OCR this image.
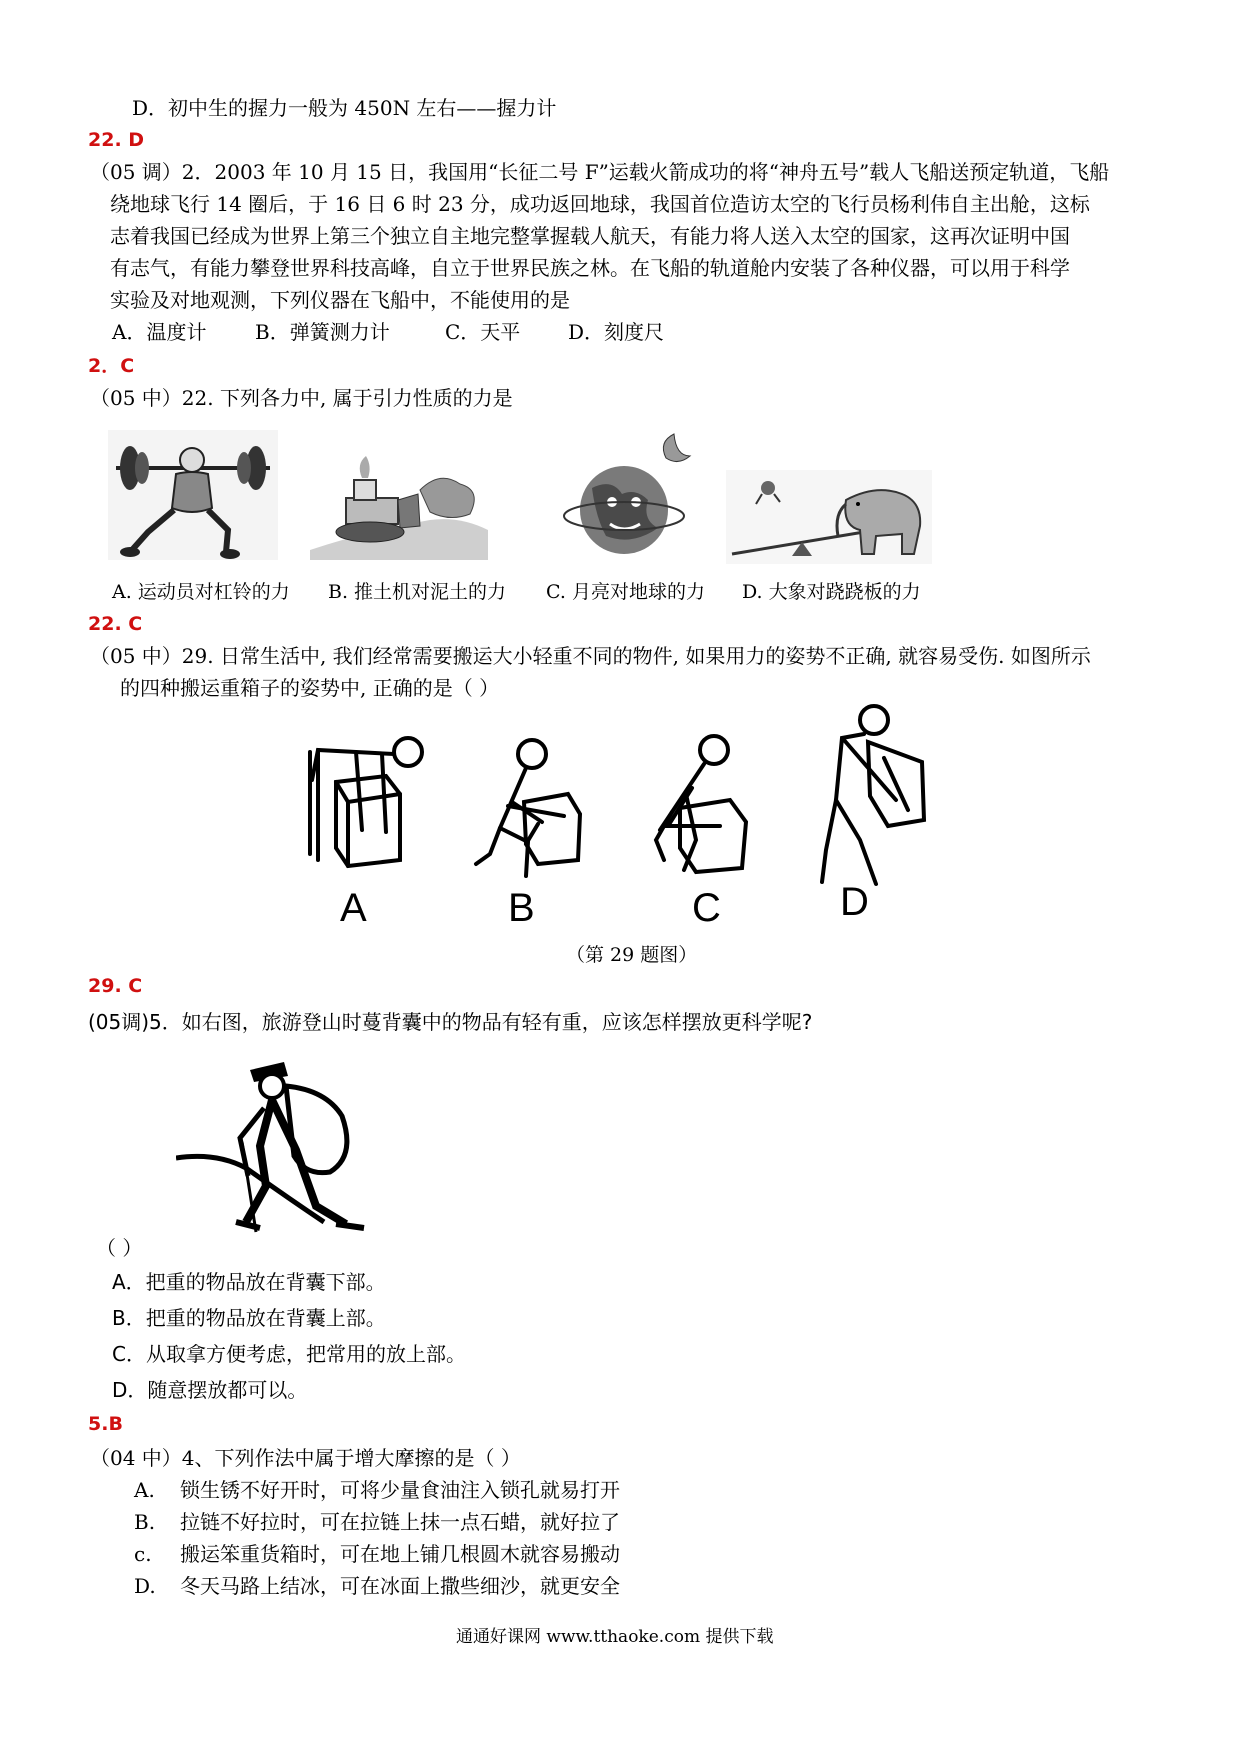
D．初中生的握力一般为 450N 左右——握力计
22. D
（05 调）2．2003 年 10 月 15 日，我国用“长征二号 F”运载火箭成功的将“神舟五号”载人飞船送预定轨道，飞船
绕地球飞行 14 圈后，于 16 日 6 时 23 分，成功返回地球，我国首位造访太空的飞行员杨利伟自主出舱，这标
志着我国已经成为世界上第三个独立自主地完整掌握载人航天，有能力将人送入太空的国家，这再次证明中国
有志气，有能力攀登世界科技高峰，自立于世界民族之林。在飞船的轨道舱内安装了各种仪器，可以用于科学
实验及对地观测，下列仪器在飞船中，不能使用的是
A．温度计 B．弹簧测力计	C．天平 D．刻度尺
2．C
（05 中）22. 下列各力中, 属于引力性质的力是
A. 运动员对杠铃的力 B. 推土机对泥土的力 C. 月亮对地球的力 D. 大象对跷跷板的力
22. C
（05 中）29. 日常生活中, 我们经常需要搬运大小轻重不同的物件, 如果用力的姿势不正确, 就容易受伤. 如图所示
的四种搬运重箱子的姿势中, 正确的是（ ）
A	B	C	D
（第 29 题图）
29. C
(05调)5．如右图，旅游登山时蔓背囊中的物品有轻有重，应该怎样摆放更科学呢?
（ ）
A．把重的物品放在背囊下部。
B．把重的物品放在背囊上部。
C．从取拿方便考虑，把常用的放上部。
D．随意摆放都可以。
5.B
（04 中）4、下列作法中属于增大摩擦的是（ ）
A. 锁生锈不好开时，可将少量食油注入锁孔就易打开
B. 拉链不好拉时，可在拉链上抹一点石蜡，就好拉了
c. 搬运笨重货箱时，可在地上铺几根圆木就容易搬动
D. 冬天马路上结冰，可在冰面上撒些细沙，就更安全
通通好课网 www.tthaoke.com 提供下载
